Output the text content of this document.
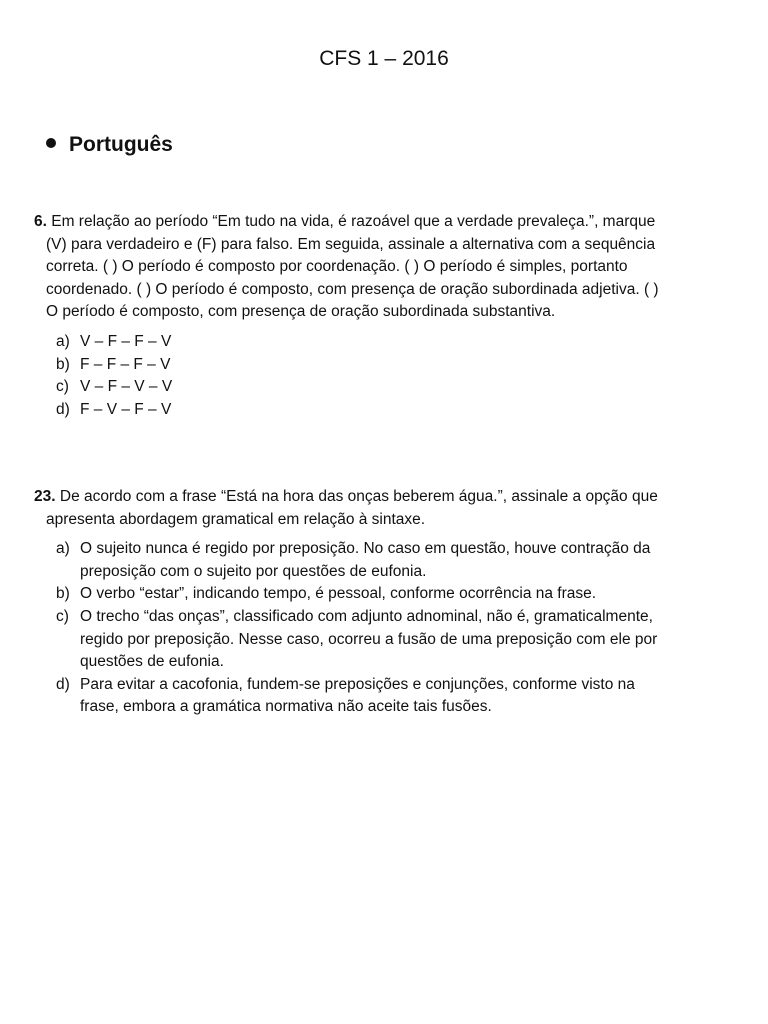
CFS 1 – 2016
Português

6. Em relação ao período “Em tudo na vida, é razoável que a verdade prevaleça.”, marque (V) para verdadeiro e (F) para falso. Em seguida, assinale a alternativa com a sequência correta. ( ) O período é composto por coordenação. ( ) O período é simples, portanto coordenado. ( ) O período é composto, com presença de oração subordinada adjetiva. ( ) O período é composto, com presença de oração subordinada substantiva.

a) V – F – F – V
b) F – F – F – V
c) V – F – V – V
d) F – V – F – V

23. De acordo com a frase “Está na hora das onças beberem água.”, assinale a opção que apresenta abordagem gramatical em relação à sintaxe.

a) O sujeito nunca é regido por preposição. No caso em questão, houve contração da preposição com o sujeito por questões de eufonia.
b) O verbo “estar”, indicando tempo, é pessoal, conforme ocorrência na frase.
c) O trecho “das onças”, classificado com adjunto adnominal, não é, gramaticalmente, regido por preposição. Nesse caso, ocorreu a fusão de uma preposição com ele por questões de eufonia.
d) Para evitar a cacofonia, fundem-se preposições e conjunções, conforme visto na frase, embora a gramática normativa não aceite tais fusões.
